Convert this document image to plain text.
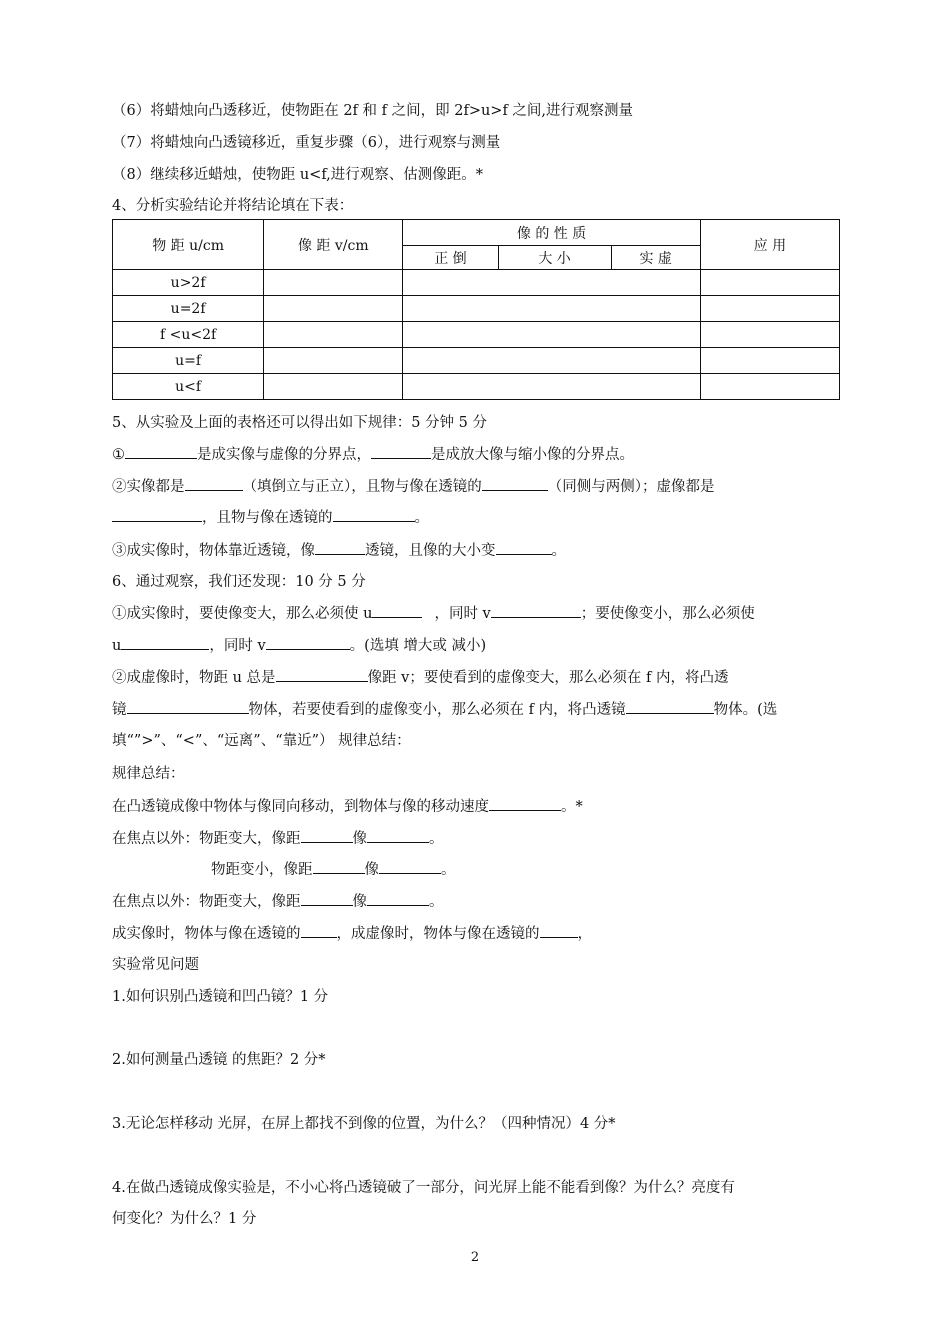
（6）将蜡烛向凸透移近，使物距在 2f 和 f 之间，即 2f>u>f 之间,进行观察测量
（7）将蜡烛向凸透镜移近，重复步骤（6），进行观察与测量
（8）继续移近蜡烛，使物距 u<f,进行观察、估测像距。*
4、分析实验结论并将结论填在下表：
物 距 u/cm	像 距 v/cm	像 的 性 质			应 用
		正 倒	大 小	实 虚	
u>2f					
u=2f					
f <u<2f					
u=f					
u<f					
5、从实验及上面的表格还可以得出如下规律：5 分钟 5 分
①	是成实像与虚像的分界点，	是成放大像与缩小像的分界点。
②实像都是	（填倒立与正立），且物与像在透镜的	（同侧与两侧）；虚像都是
，且物与像在透镜的	。
③成实像时，物体靠近透镜，像	透镜，且像的大小变	。
6、通过观察，我们还发现：10 分 5 分
①成实像时，要使像变大，那么必须使 u	，同时 v	；要使像变小，那么必须使
u	，同时 v	。(选填 增大或 减小)
②成虚像时，物距 u 总是	像距 v；要使看到的虚像变大，那么必须在 f 内，将凸透
镜	物体，若要使看到的虚像变小，那么必须在 f 内，将凸透镜	物体。(选
填“”>”、“<”、“远离”、“靠近”） 规律总结：
规律总结：
在凸透镜成像中物体与像同向移动，到物体与像的移动速度	。*
在焦点以外：物距变大，像距	像	。
物距变小，像距	像	。
在焦点以外：物距变大，像距	像	。
成实像时，物体与像在透镜的 ，成虚像时，物体与像在透镜的	，
实验常见问题
1.如何识别凸透镜和凹凸镜？1 分
2.如何测量凸透镜 的焦距？2 分*
3.无论怎样移动 光屏，在屏上都找不到像的位置，为什么？（四种情况）4 分*
4.在做凸透镜成像实验是，不小心将凸透镜破了一部分，问光屏上能不能看到像？为什么？亮度有
何变化？为什么？1 分
2
